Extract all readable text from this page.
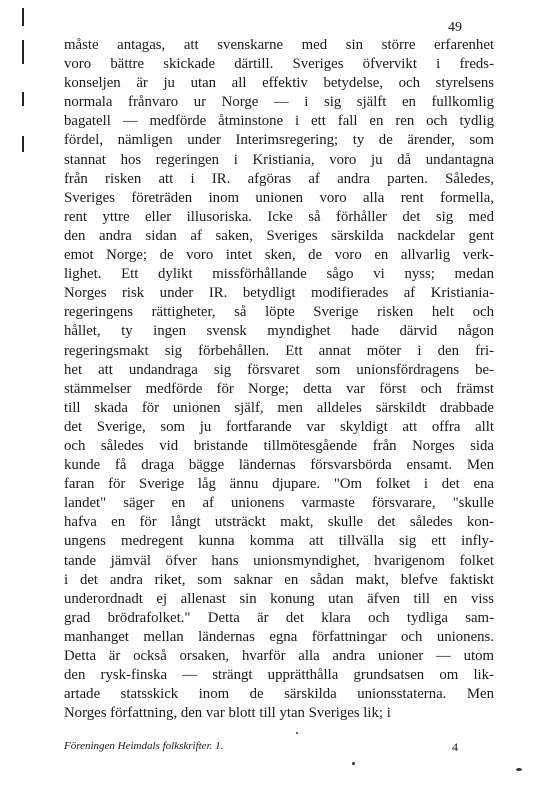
49
måste antagas, att svenskarne med sin större erfarenhet
voro bättre skickade därtill. Sveriges öfvervikt i freds-
konseljen är ju utan all effektiv betydelse, och styrelsens
normala frånvaro ur Norge — i sig själft en fullkomlig
bagatell — medförde åtminstone i ett fall en ren och tydlig
fördel, nämligen under Interimsregering; ty de ärender, som
stannat hos regeringen i Kristiania, voro ju då undantagna
från risken att i IR. afgöras af andra parten. Således,
Sveriges företräden inom unionen voro alla rent formella,
rent yttre eller illusoriska. Icke så förhåller det sig med
den andra sidan af saken, Sveriges särskilda nackdelar gent
emot Norge; de voro intet sken, de voro en allvarlig verk-
lighet. Ett dylikt missförhållande sågo vi nyss; medan
Norges risk under IR. betydligt modifierades af Kristiania-
regeringens rättigheter, så löpte Sverige risken helt och
hållet, ty ingen svensk myndighet hade därvid någon
regeringsmakt sig förbehållen. Ett annat möter i den fri-
het att undandraga sig försvaret som unionsfördragens be-
stämmelser medförde för Norge; detta var först och främst
till skada för unionen själf, men alldeles särskildt drabbade
det Sverige, som ju fortfarande var skyldigt att offra allt
och således vid bristande tillmötesgående från Norges sida
kunde få draga bägge ländernas försvarsbörda ensamt. Men
faran för Sverige låg ännu djupare. "Om folket i det ena
landet" säger en af unionens varmaste försvarare, "skulle
hafva en för långt utsträckt makt, skulle det således kon-
ungens medregent kunna komma att tillvälla sig ett infly-
tande jämväl öfver hans unionsmyndighet, hvarigenom folket
i det andra riket, som saknar en sådan makt, blefve faktiskt
underordnadt ej allenast sin konung utan äfven till en viss
grad brödrafolket." Detta är det klara och tydliga sam-
manhanget mellan ländernas egna författningar och unionens.
Detta är också orsaken, hvarför alla andra unioner — utom
den rysk-finska — strängt upprätthålla grundsatsen om lik-
artade statsskick inom de särskilda unionsstaterna. Men
Norges författning, den var blott till ytan Sveriges lik; i
Föreningen Heimdals folkskrifter. 1.	4
